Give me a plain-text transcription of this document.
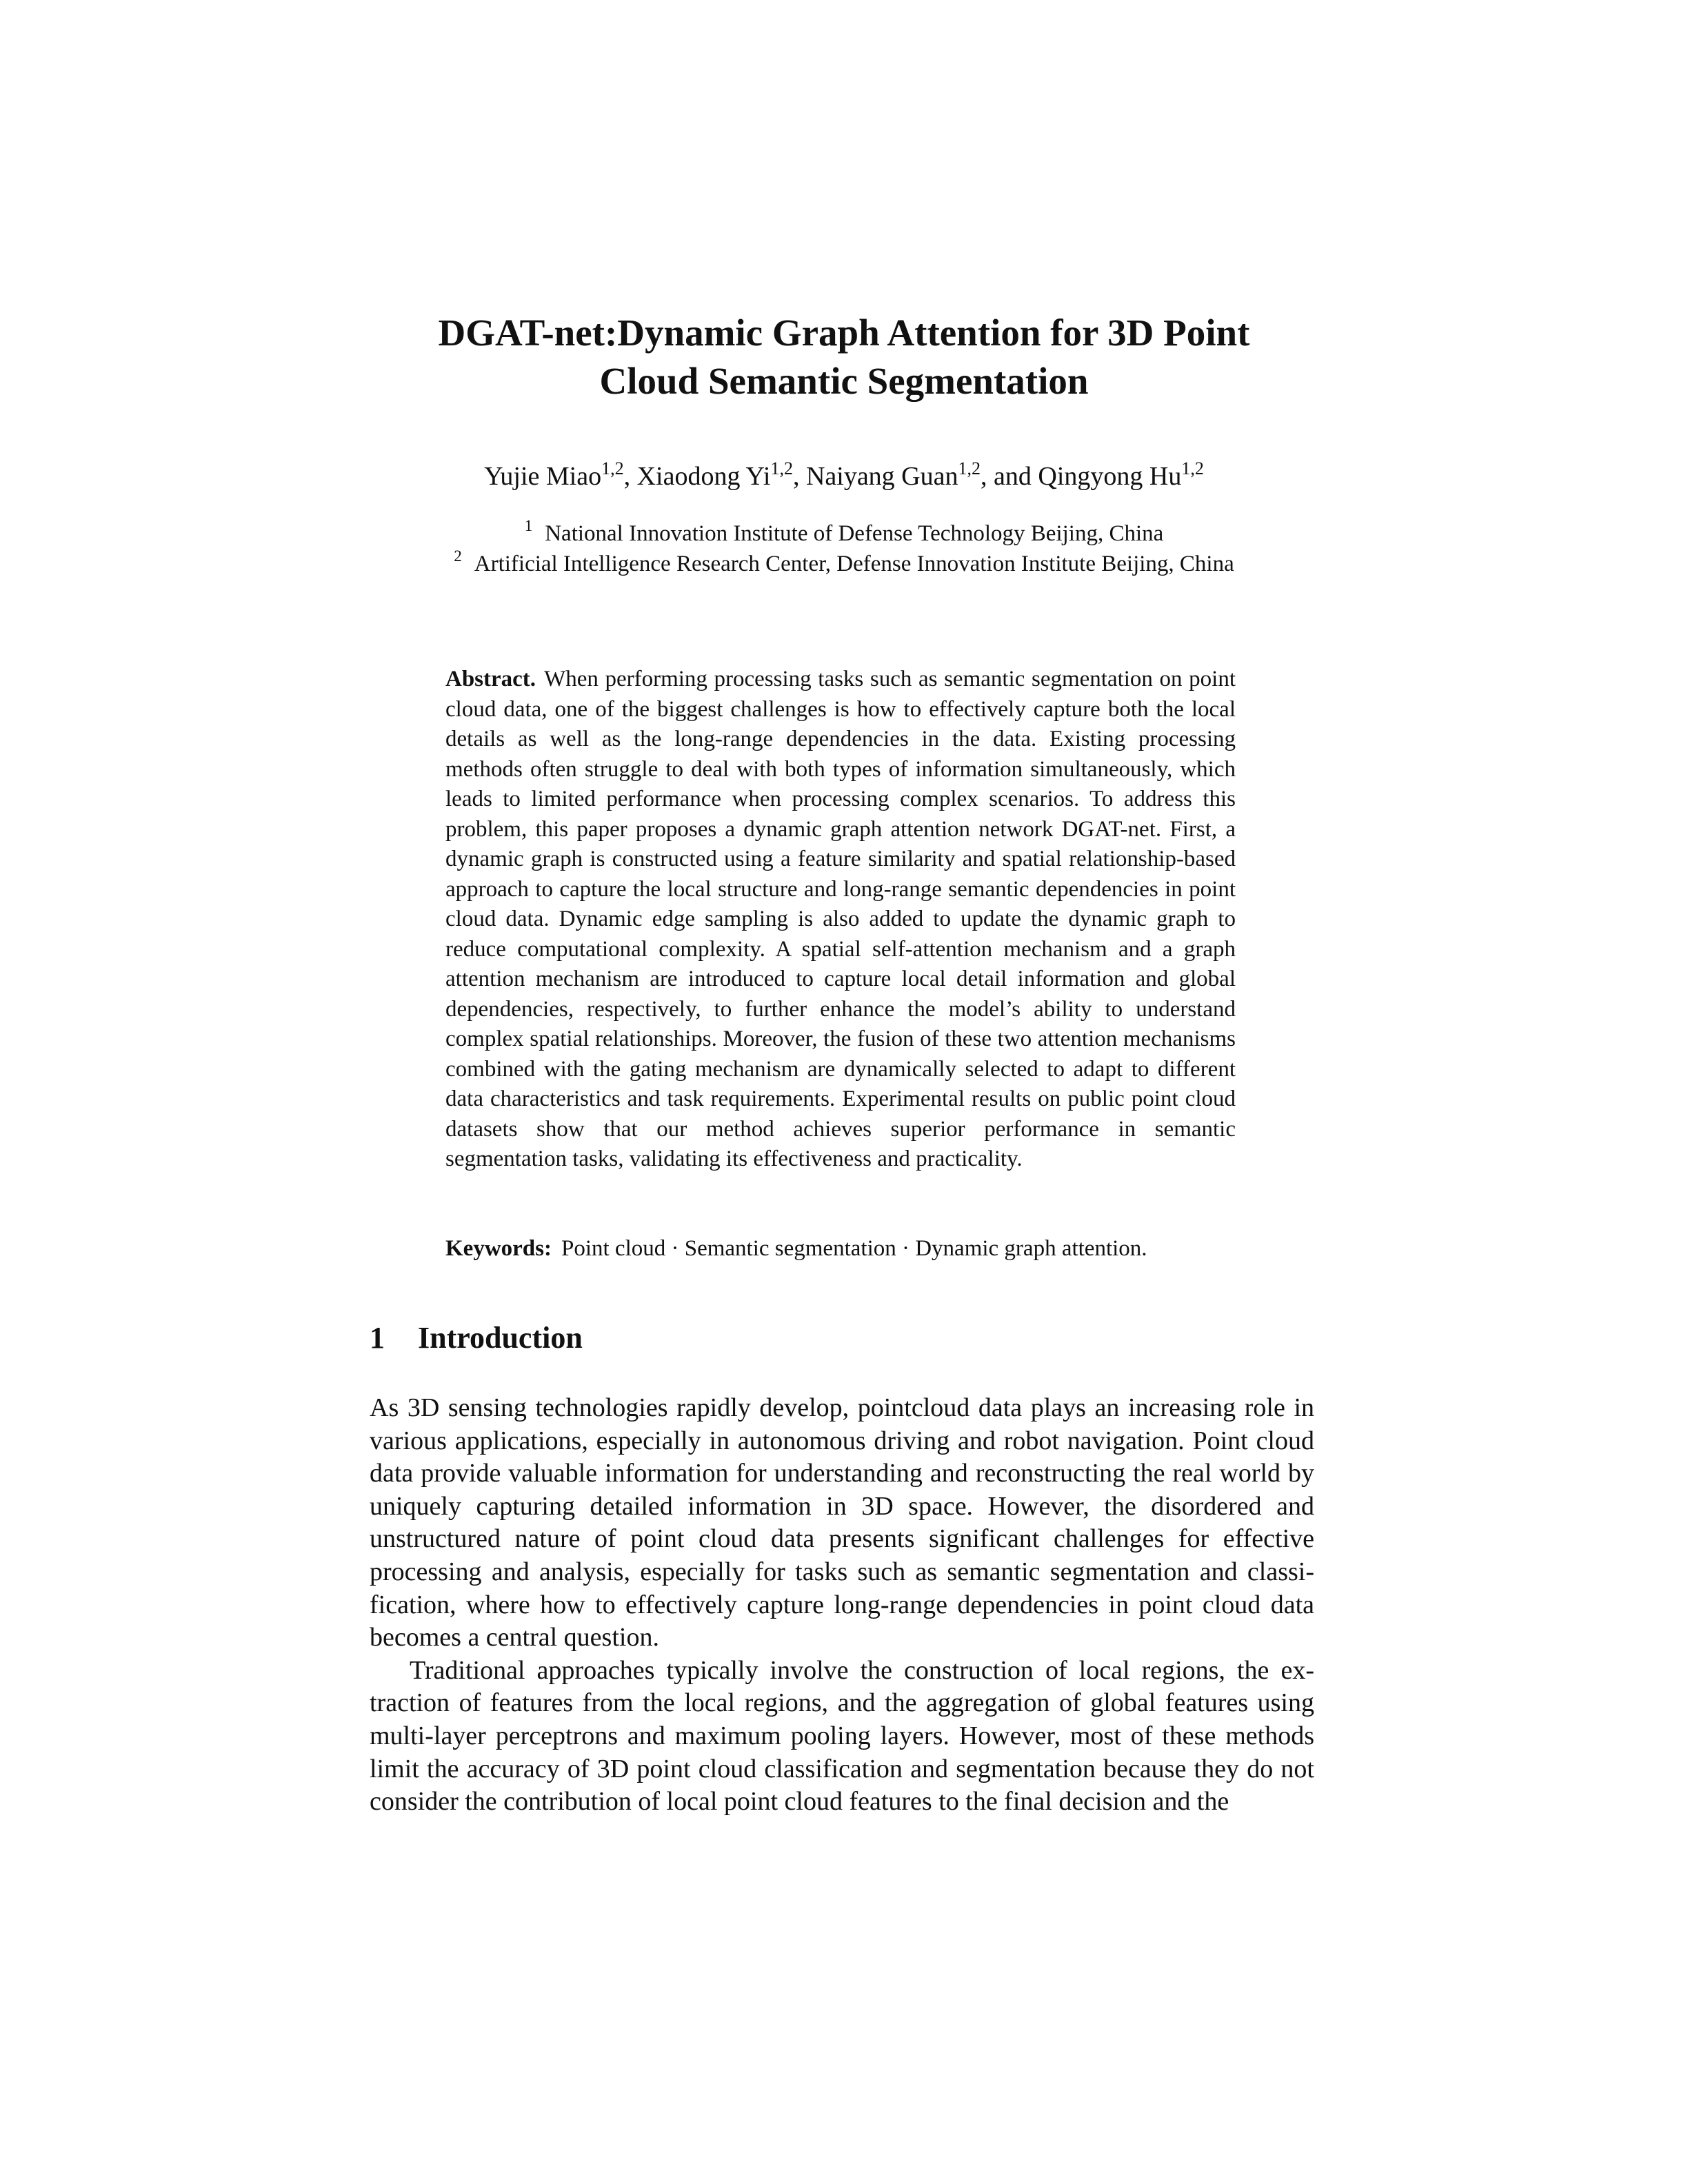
DGAT-net:Dynamic Graph Attention for 3D Point
Cloud Semantic Segmentation

Yujie Miao$^{1,2}$, Xiaodong Yi$^{1,2}$, Naiyang Guan$^{1,2}$, and Qingyong Hu$^{1,2}$

$^1$ National Innovation Institute of Defense Technology Beijing, China
$^2$ Artificial Intelligence Research Center, Defense Innovation Institute Beijing, China

Abstract. When performing processing tasks such as semantic segmentation on point cloud data, one of the biggest challenges is how to effectively capture both the local details as well as the long-range dependencies in the data. Existing processing methods often struggle to deal with both types of information simultaneously, which leads to limited performance when processing complex scenarios. To address this problem, this paper proposes a dynamic graph attention network DGAT-net. First, a dynamic graph is constructed using a feature similarity and spatial relationship-based approach to capture the local structure and long-range semantic dependencies in point cloud data. Dynamic edge sampling is also added to update the dynamic graph to reduce computational complexity. A spatial self-attention mechanism and a graph attention mechanism are introduced to capture local detail information and global dependencies, respectively, to further enhance the model’s ability to understand complex spatial relationships. Moreover, the fusion of these two attention mechanisms combined with the gating mechanism are dynamically selected to adapt to different data characteristics and task requirements. Experimental results on public point cloud datasets show that our method achieves superior performance in semantic segmentation tasks, validating its effectiveness and practicality.

Keywords: Point cloud · Semantic segmentation · Dynamic graph attention.

1 Introduction

As 3D sensing technologies rapidly develop, pointcloud data plays an increasing role in various applications, especially in autonomous driving and robot navigation. Point cloud data provide valuable information for understanding and reconstructing the real world by uniquely capturing detailed information in 3D space. However, the disordered and unstructured nature of point cloud data presents significant challenges for effective processing and analysis, especially for tasks such as semantic segmentation and classification, where how to effectively capture long-range dependencies in point cloud data becomes a central question.

Traditional approaches typically involve the construction of local regions, the extraction of features from the local regions, and the aggregation of global features using multi-layer perceptrons and maximum pooling layers. However, most of these methods limit the accuracy of 3D point cloud classification and segmentation because they do not consider the contribution of local point cloud features to the final decision and the
